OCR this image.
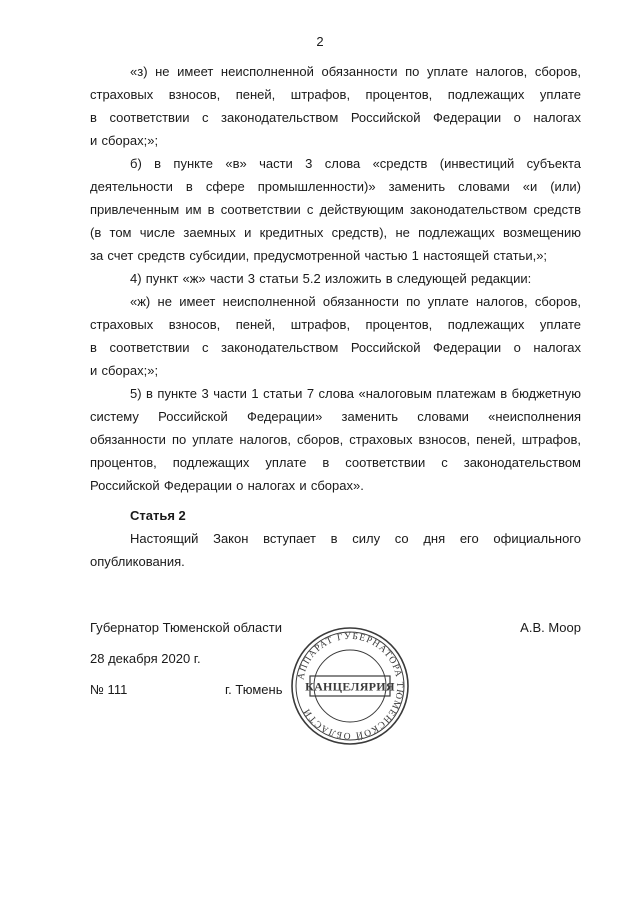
2

«з) не имеет неисполненной обязанности по уплате налогов, сборов,

страховых взносов, пеней, штрафов, процентов, подлежащих уплате

в соответствии с законодательством Российской Федерации о налогах

и сборах;»;

б) в пункте «в» части 3 слова «средств (инвестиций субъекта

деятельности в сфере промышленности)» заменить словами «и (или)

привлеченным им в соответствии с действующим законодательством средств

(в том числе заемных и кредитных средств), не подлежащих возмещению

за счет средств субсидии, предусмотренной частью 1 настоящей статьи,»;

4) пункт «ж» части 3 статьи 5.2 изложить в следующей редакции:

«ж) не имеет неисполненной обязанности по уплате налогов, сборов,

страховых взносов, пеней, штрафов, процентов, подлежащих уплате

в соответствии с законодательством Российской Федерации о налогах

и сборах;»;

5) в пункте 3 части 1 статьи 7 слова «налоговым платежам в бюджетную

систему Российской Федерации» заменить словами «неисполнения

обязанности по уплате налогов, сборов, страховых взносов, пеней, штрафов,

процентов, подлежащих уплате в соответствии с законодательством

Российской Федерации о налогах и сборах».

Статья 2

Настоящий Закон вступает в силу со дня его официального

опубликования.

Губернатор Тюменской области	А.В. Моор
28 декабря 2020 г.
№ 111	г. Тюмень
АППАРАТ ГУБЕРНАТОРА ТЮМЕНСКОЙ ОБЛАСТИ
КАНЦЕЛЯРИЯ
